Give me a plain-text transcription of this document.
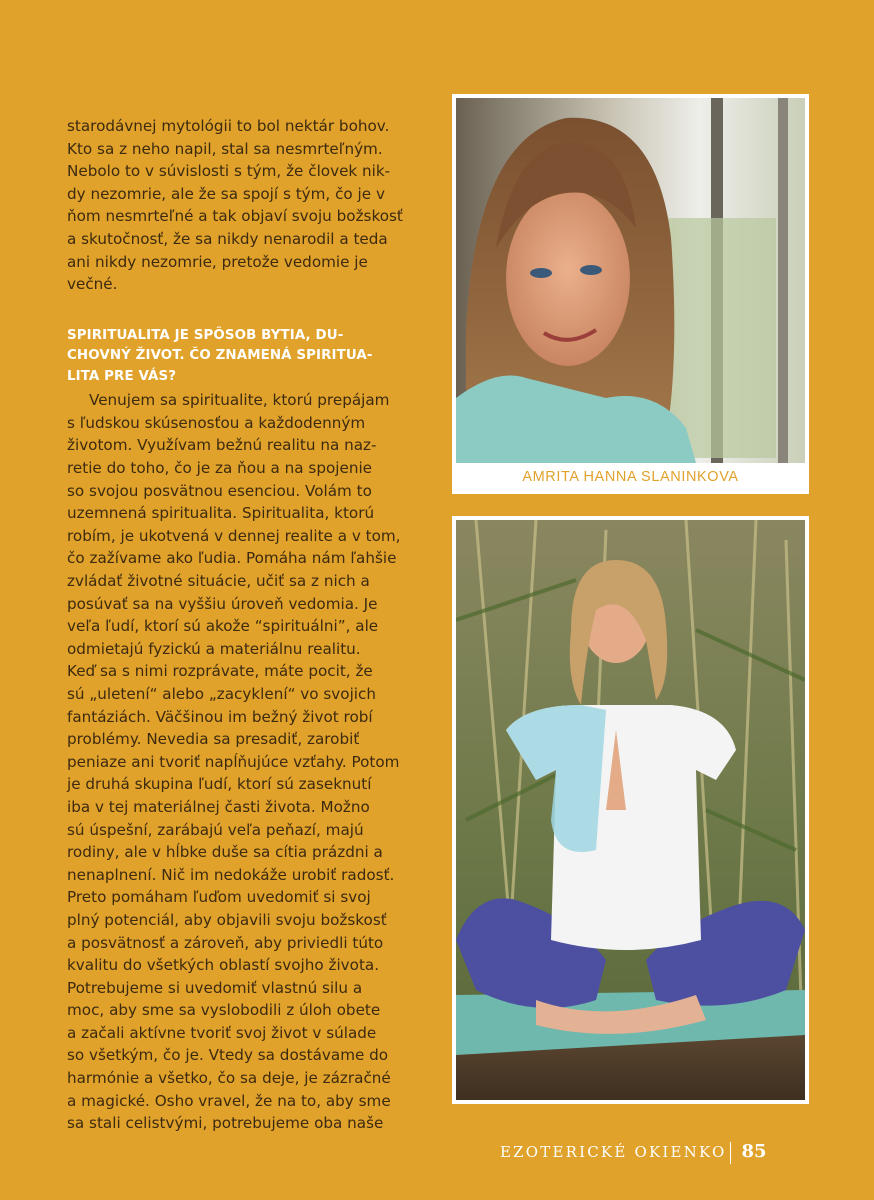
starodávnej mytológii to bol nektár bohov.
Kto sa z neho napil, stal sa nesmrteľným.
Nebolo to v súvislosti s tým, že človek nik-
dy nezomrie, ale že sa spojí s tým, čo je v
ňom nesmrteľné a tak objaví svoju božskosť
a skutočnosť, že sa nikdy nenarodil a teda
ani nikdy nezomrie, pretože vedomie je
večné.

SPIRITUALITA JE SPÔSOB BYTIA, DU-
CHOVNÝ ŽIVOT. ČO ZNAMENÁ SPIRITUA-
LITA PRE VÁS?

Venujem sa spiritualite, ktorú prepájam
s ľudskou skúsenosťou a každodenným
životom. Využívam bežnú realitu na naz-
retie do toho, čo je za ňou a na spojenie
so svojou posvätnou esenciou. Volám to
uzemnená spiritualita. Spiritualita, ktorú
robím, je ukotvená v dennej realite a v tom,
čo zažívame ako ľudia. Pomáha nám ľahšie
zvládať životné situácie, učiť sa z nich a
posúvať sa na vyššiu úroveň vedomia. Je
veľa ľudí, ktorí sú akože “spirituálni”, ale
odmietajú fyzickú a materiálnu realitu.
Keď sa s nimi rozprávate, máte pocit, že
sú „uletení“ alebo „zacyklení“ vo svojich
fantáziách. Väčšinou im bežný život robí
problémy. Nevedia sa presadiť, zarobiť
peniaze ani tvoriť napĺňujúce vzťahy. Potom
je druhá skupina ľudí, ktorí sú zaseknutí
iba v tej materiálnej časti života. Možno
sú úspešní, zarábajú veľa peňazí, majú
rodiny, ale v hĺbke duše sa cítia prázdni a
nenaplnení. Nič im nedokáže urobiť radosť.
Preto pomáham ľuďom uvedomiť si svoj
plný potenciál, aby objavili svoju božskosť
a posvätnosť a zároveň, aby priviedli túto
kvalitu do všetkých oblastí svojho života.
Potrebujeme si uvedomiť vlastnú silu a
moc, aby sme sa vyslobodili z úloh obete
a začali aktívne tvoriť svoj život v súlade
so všetkým, čo je. Vtedy sa dostávame do
harmónie a všetko, čo sa deje, je zázračné
a magické. Osho vravel, že na to, aby sme
sa stali celistvými, potrebujeme oba naše

AMRITA HANNA SLANINKOVA
EZOTERICKÉ OKIENKO 85
